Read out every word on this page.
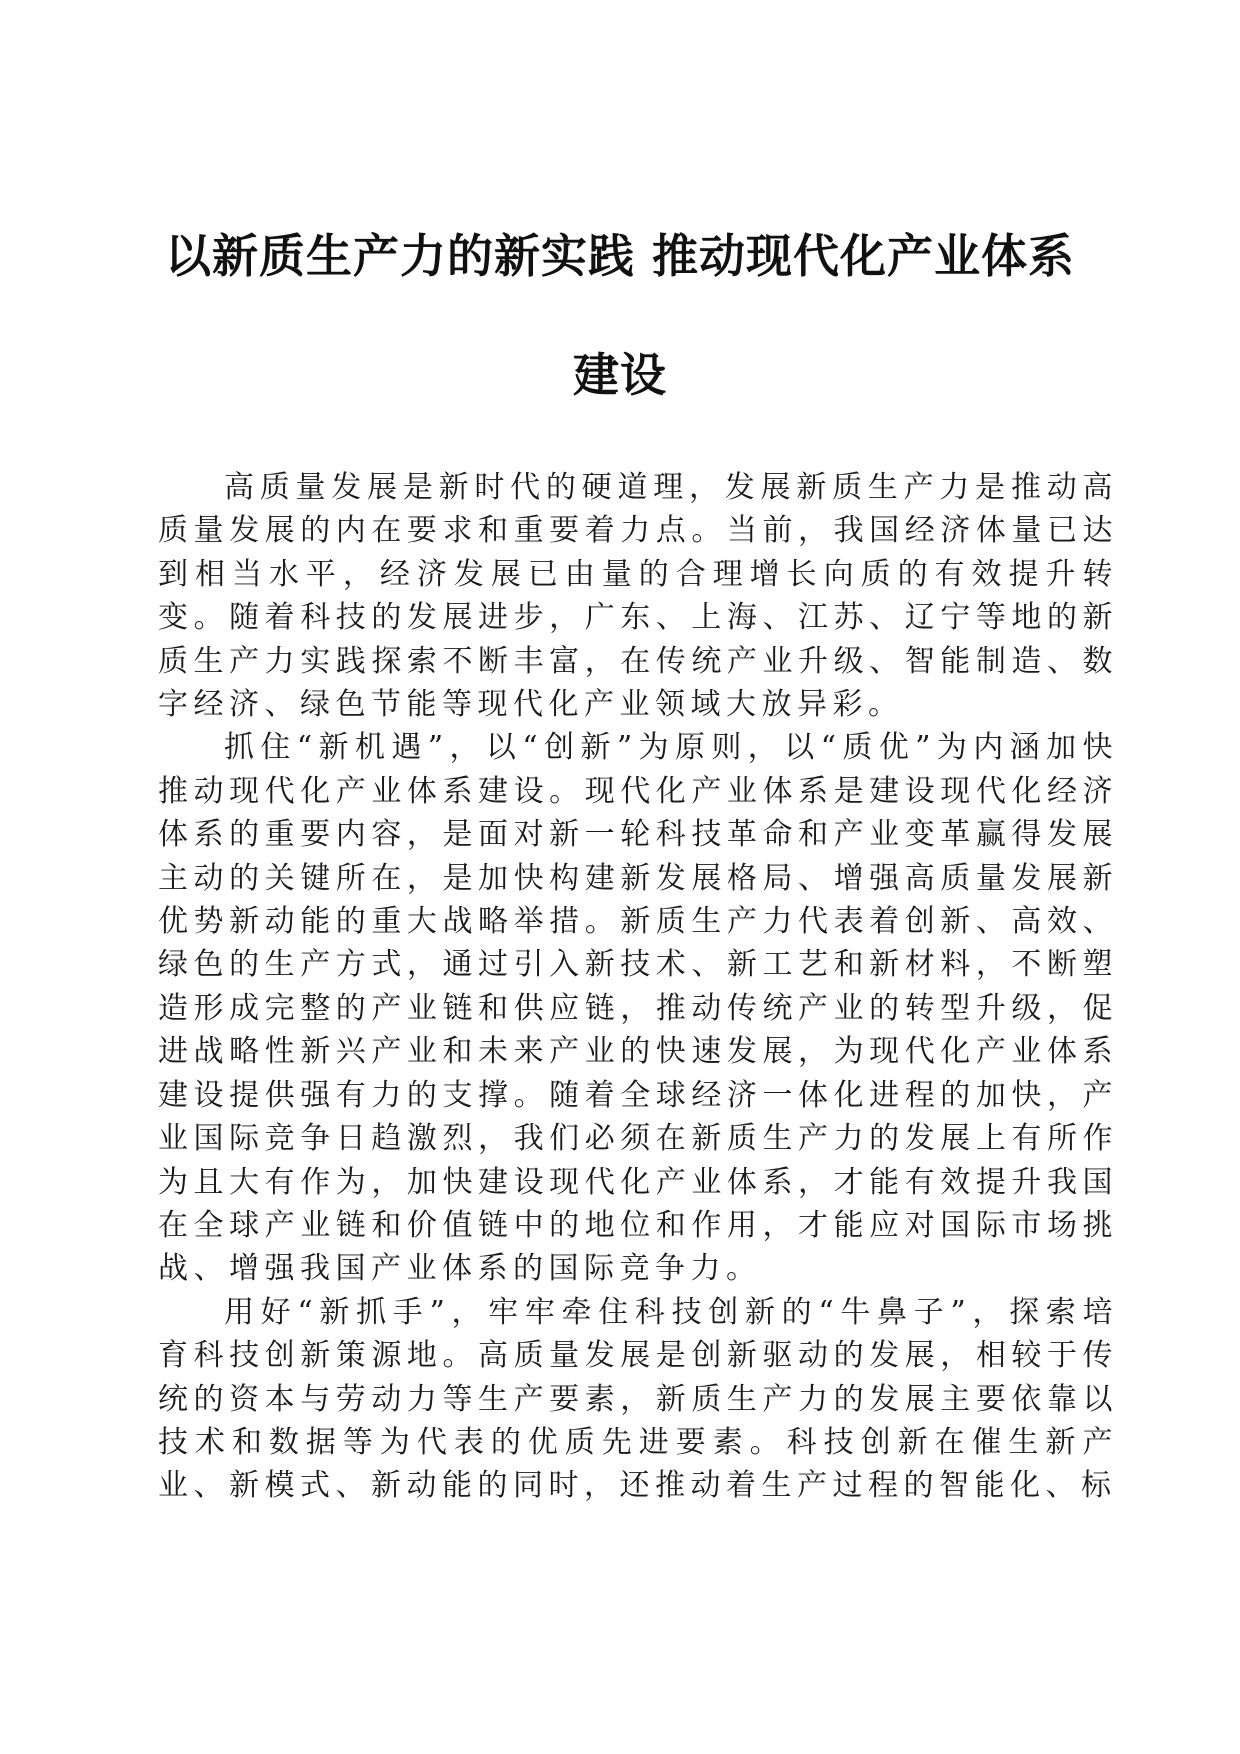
以新质生产力的新实践 推动现代化产业体系
建设

高质量发展是新时代的硬道理，发展新质生产力是推动高质量发展的内在要求和重要着力点。当前，我国经济体量已达到相当水平，经济发展已由量的合理增长向质的有效提升转变。随着科技的发展进步，广东、上海、江苏、辽宁等地的新质生产力实践探索不断丰富，在传统产业升级、智能制造、数字经济、绿色节能等现代化产业领域大放异彩。

抓住“新机遇”，以“创新”为原则，以“质优”为内涵加快推动现代化产业体系建设。现代化产业体系是建设现代化经济体系的重要内容，是面对新一轮科技革命和产业变革赢得发展主动的关键所在，是加快构建新发展格局、增强高质量发展新优势新动能的重大战略举措。新质生产力代表着创新、高效、绿色的生产方式，通过引入新技术、新工艺和新材料，不断塑造形成完整的产业链和供应链，推动传统产业的转型升级，促进战略性新兴产业和未来产业的快速发展，为现代化产业体系建设提供强有力的支撑。随着全球经济一体化进程的加快，产业国际竞争日趋激烈，我们必须在新质生产力的发展上有所作为且大有作为，加快建设现代化产业体系，才能有效提升我国在全球产业链和价值链中的地位和作用，才能应对国际市场挑战、增强我国产业体系的国际竞争力。

用好“新抓手”，牢牢牵住科技创新的“牛鼻子”，探索培育科技创新策源地。高质量发展是创新驱动的发展，相较于传统的资本与劳动力等生产要素，新质生产力的发展主要依靠以技术和数据等为代表的优质先进要素。科技创新在催生新产业、新模式、新动能的同时，还推动着生产过程的智能化、标
